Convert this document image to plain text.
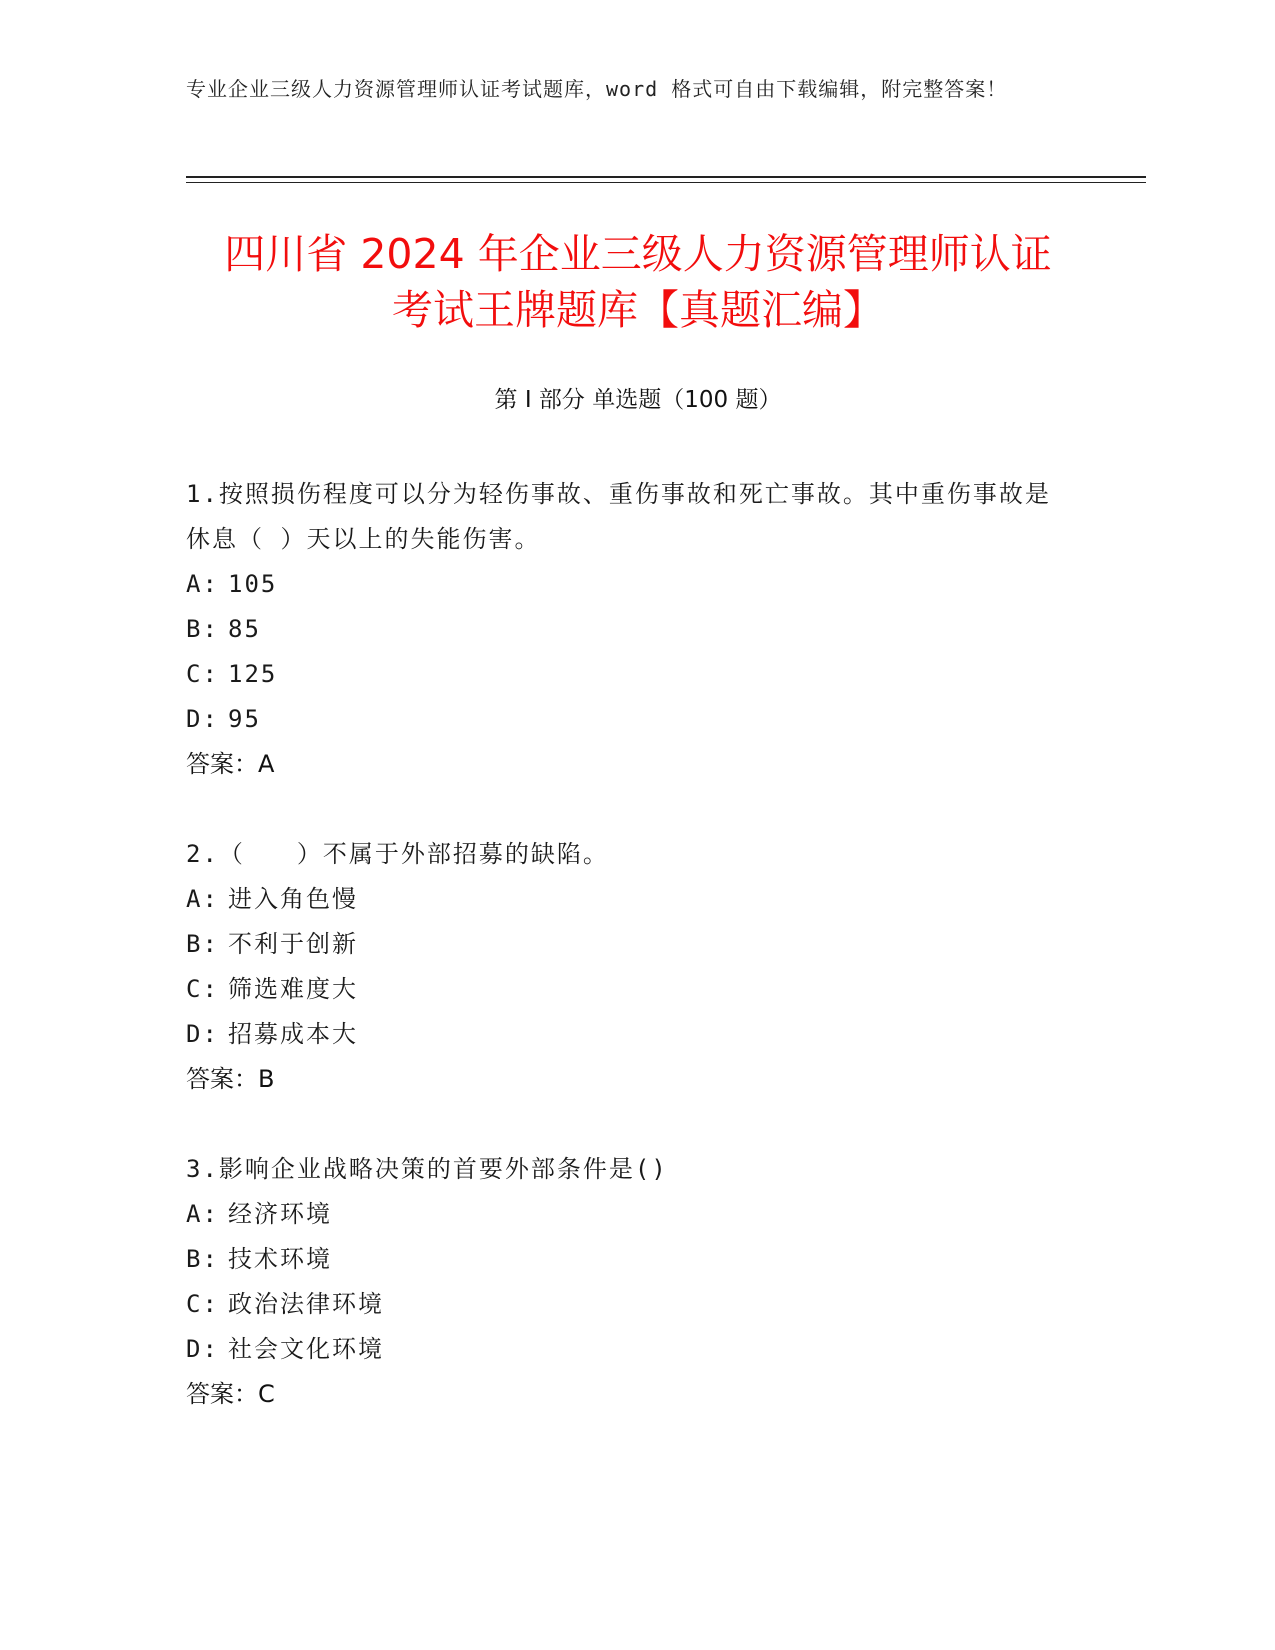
专业企业三级人力资源管理师认证考试题库，word 格式可自由下载编辑，附完整答案！
四川省 2024 年企业三级人力资源管理师认证
考试王牌题库【真题汇编】
第 I 部分 单选题（100 题）
1.按照损伤程度可以分为轻伤事故、重伤事故和死亡事故。其中重伤事故是休息（ ）天以上的失能伤害。
A: 105
B: 85
C: 125
D: 95
答案：A
2.（　　）不属于外部招募的缺陷。
A: 进入角色慢
B: 不利于创新
C: 筛选难度大
D: 招募成本大
答案：B
3.影响企业战略决策的首要外部条件是()
A: 经济环境
B: 技术环境
C: 政治法律环境
D: 社会文化环境
答案：C
